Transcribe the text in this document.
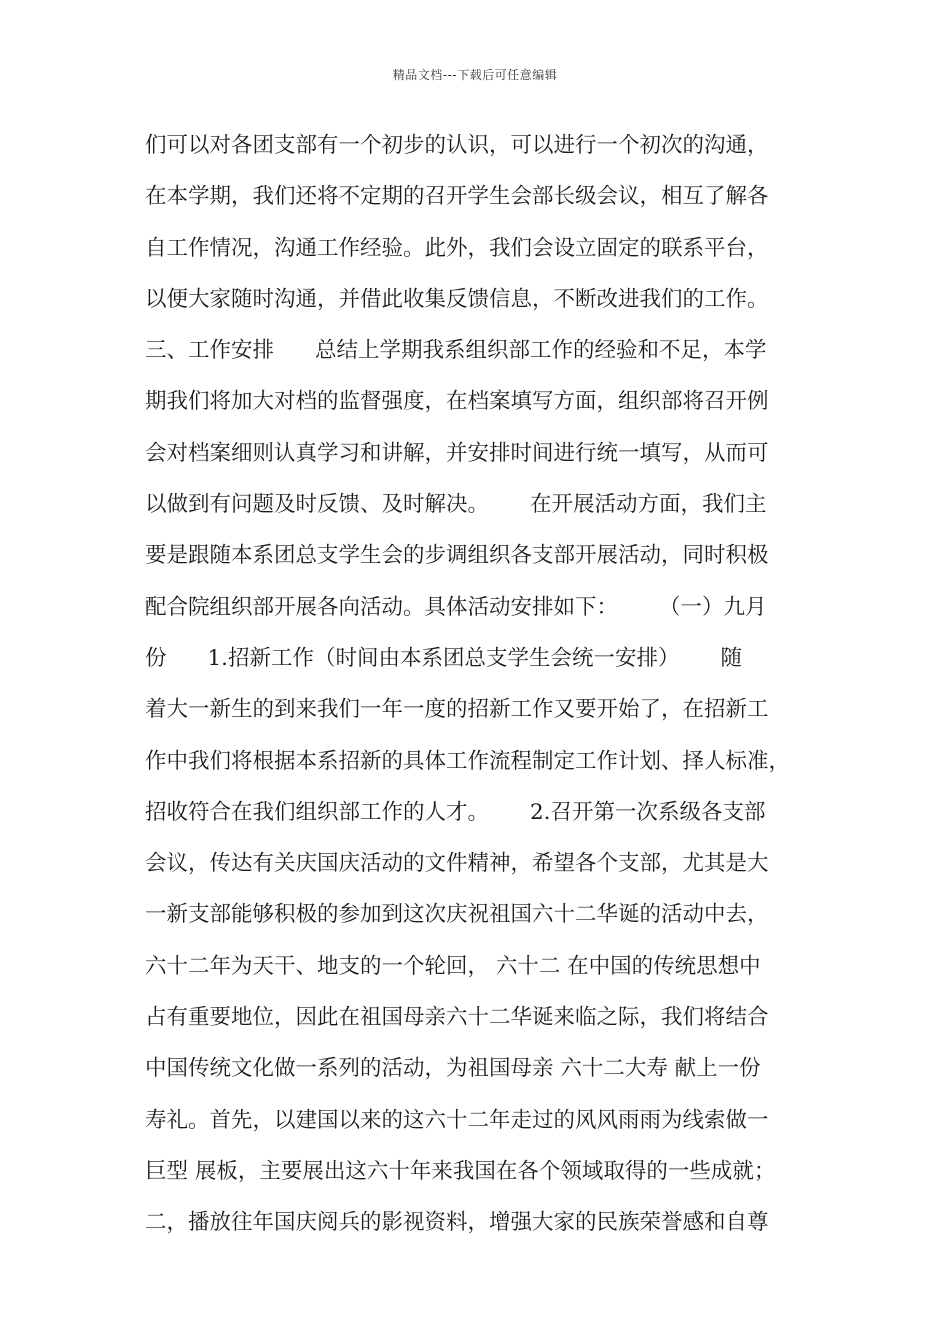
精品文档---下载后可任意编辑
们可以对各团支部有一个初步的认识，可以进行一个初次的沟通，
在本学期，我们还将不定期的召开学生会部长级会议，相互了解各
自工作情况，沟通工作经验。此外，我们会设立固定的联系平台，
以便大家随时沟通，并借此收集反馈信息，不断改进我们的工作。
三、工作安排      总结上学期我系组织部工作的经验和不足，本学
期我们将加大对档的监督强度，在档案填写方面，组织部将召开例
会对档案细则认真学习和讲解，并安排时间进行统一填写，从而可
以做到有问题及时反馈、及时解决。      在开展活动方面，我们主
要是跟随本系团总支学生会的步调组织各支部开展活动，同时积极
配合院组织部开展各向活动。具体活动安排如下：      （一）九月
份      1.招新工作（时间由本系团总支学生会统一安排）      随
着大一新生的到来我们一年一度的招新工作又要开始了，在招新工
作中我们将根据本系招新的具体工作流程制定工作计划、择人标准，
招收符合在我们组织部工作的人才。      2.召开第一次系级各支部
会议，传达有关庆国庆活动的文件精神，希望各个支部，尤其是大
一新支部能够积极的参加到这次庆祝祖国六十二华诞的活动中去，
六十二年为天干、地支的一个轮回， 六十二 在中国的传统思想中
占有重要地位，因此在祖国母亲六十二华诞来临之际，我们将结合
中国传统文化做一系列的活动，为祖国母亲 六十二大寿 献上一份
寿礼。首先，以建国以来的这六十二年走过的风风雨雨为线索做一
巨型 展板，主要展出这六十年来我国在各个领域取得的一些成就；
二，播放往年国庆阅兵的影视资料，增强大家的民族荣誉感和自尊
